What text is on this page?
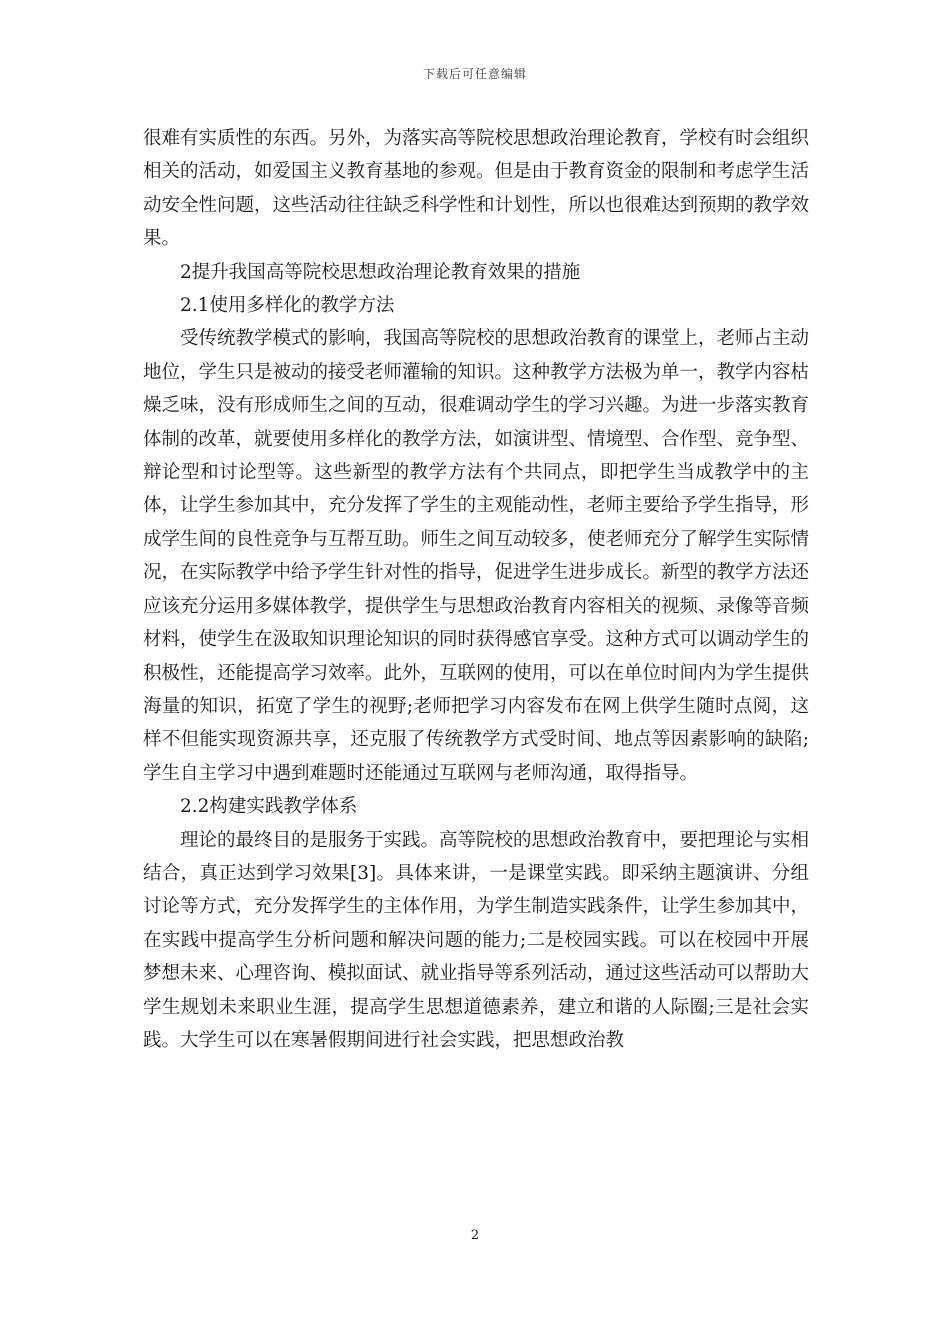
下载后可任意编辑

很难有实质性的东西。另外，为落实高等院校思想政治理论教育，学校有时会组织相关的活动，如爱国主义教育基地的参观。但是由于教育资金的限制和考虑学生活动安全性问题，这些活动往往缺乏科学性和计划性，所以也很难达到预期的教学效果。

2提升我国高等院校思想政治理论教育效果的措施

2.1使用多样化的教学方法

受传统教学模式的影响，我国高等院校的思想政治教育的课堂上，老师占主动地位，学生只是被动的接受老师灌输的知识。这种教学方法极为单一，教学内容枯燥乏味，没有形成师生之间的互动，很难调动学生的学习兴趣。为进一步落实教育体制的改革，就要使用多样化的教学方法，如演讲型、情境型、合作型、竞争型、辩论型和讨论型等。这些新型的教学方法有个共同点，即把学生当成教学中的主体，让学生参加其中，充分发挥了学生的主观能动性，老师主要给予学生指导，形成学生间的良性竞争与互帮互助。师生之间互动较多，使老师充分了解学生实际情况，在实际教学中给予学生针对性的指导，促进学生进步成长。新型的教学方法还应该充分运用多媒体教学，提供学生与思想政治教育内容相关的视频、录像等音频材料，使学生在汲取知识理论知识的同时获得感官享受。这种方式可以调动学生的积极性，还能提高学习效率。此外，互联网的使用，可以在单位时间内为学生提供海量的知识，拓宽了学生的视野;老师把学习内容发布在网上供学生随时点阅，这样不但能实现资源共享，还克服了传统教学方式受时间、地点等因素影响的缺陷;学生自主学习中遇到难题时还能通过互联网与老师沟通，取得指导。

2.2构建实践教学体系

理论的最终目的是服务于实践。高等院校的思想政治教育中，要把理论与实相结合，真正达到学习效果[3]。具体来讲，一是课堂实践。即采纳主题演讲、分组讨论等方式，充分发挥学生的主体作用，为学生制造实践条件，让学生参加其中，在实践中提高学生分析问题和解决问题的能力;二是校园实践。可以在校园中开展梦想未来、心理咨询、模拟面试、就业指导等系列活动，通过这些活动可以帮助大学生规划未来职业生涯，提高学生思想道德素养，建立和谐的人际圈;三是社会实践。大学生可以在寒暑假期间进行社会实践，把思想政治教

2
